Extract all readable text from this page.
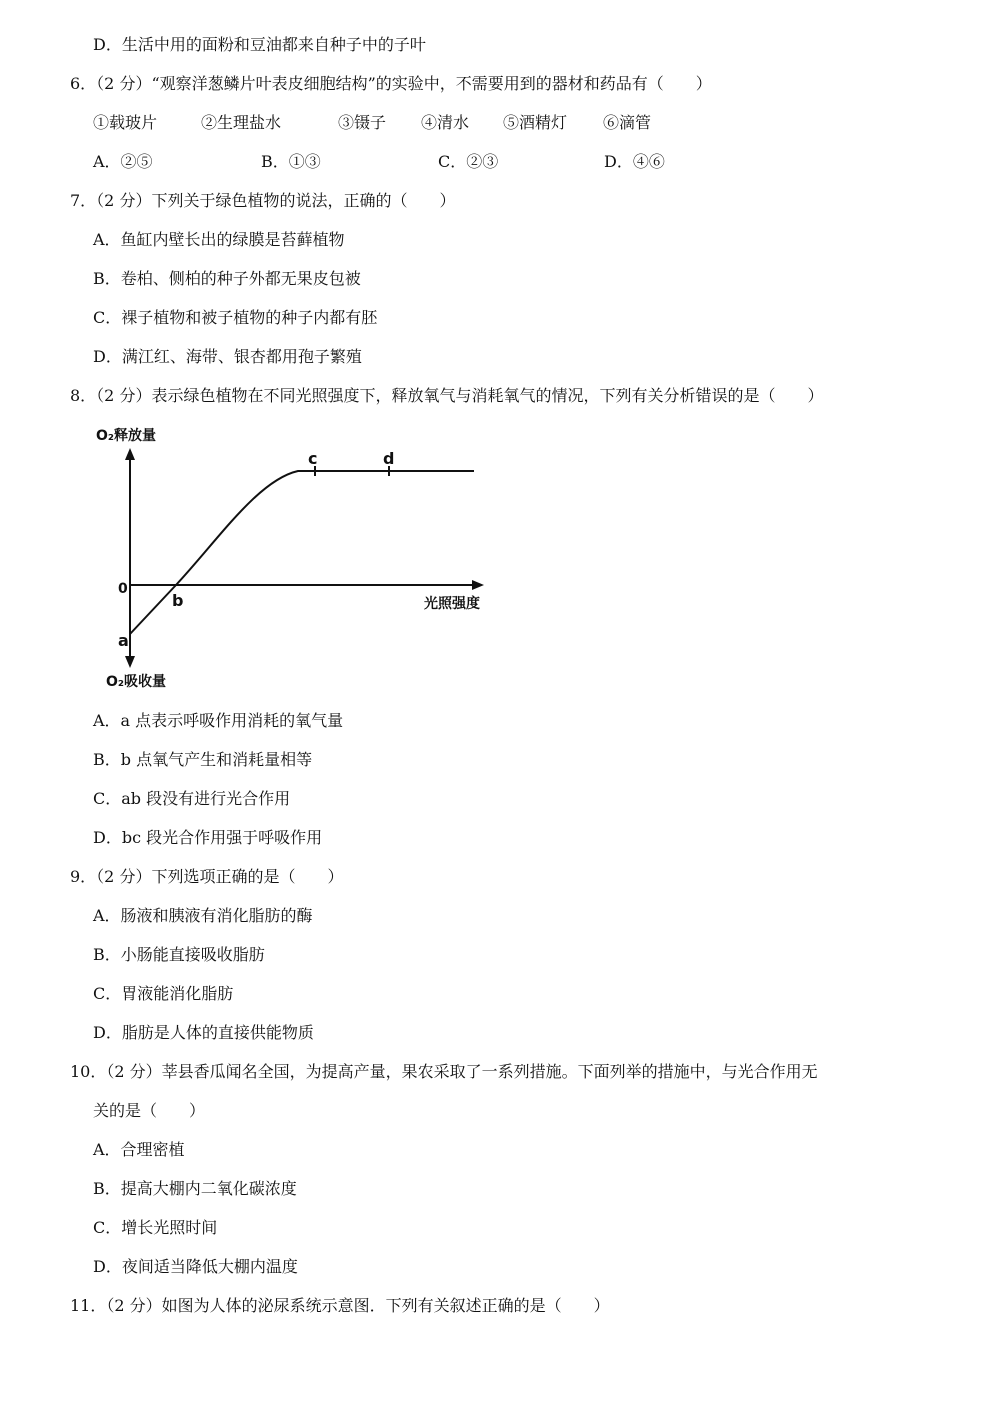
D．生活中用的面粉和豆油都来自种子中的子叶
6．（2 分）“观察洋葱鳞片叶表皮细胞结构”的实验中，不需要用到的器材和药品有（　　）
①载玻片	②生理盐水	③镊子 ④清水 ⑤酒精灯 ⑥滴管
A．②⑤	B．①③	C．②③	D．④⑥
7．（2 分）下列关于绿色植物的说法，正确的（　　）
A．鱼缸内壁长出的绿膜是苔藓植物
B．卷柏、侧柏的种子外都无果皮包被
C．裸子植物和被子植物的种子内都有胚
D．满江红、海带、银杏都用孢子繁殖
8．（2 分）表示绿色植物在不同光照强度下，释放氧气与消耗氧气的情况，下列有关分析错误的是（　　）
O₂释放量
O₂吸收量
光照强度
0
a
b
c	d
A．a 点表示呼吸作用消耗的氧气量
B．b 点氧气产生和消耗量相等
C．ab 段没有进行光合作用
D．bc 段光合作用强于呼吸作用
9．（2 分）下列选项正确的是（　　）
A．肠液和胰液有消化脂肪的酶
B．小肠能直接吸收脂肪
C．胃液能消化脂肪
D．脂肪是人体的直接供能物质
10．（2 分）莘县香瓜闻名全国，为提高产量，果农采取了一系列措施。下面列举的措施中，与光合作用无
关的是（　　）
A．合理密植
B．提高大棚内二氧化碳浓度
C．增长光照时间
D．夜间适当降低大棚内温度
11．（2 分）如图为人体的泌尿系统示意图．下列有关叙述正确的是（　　）
